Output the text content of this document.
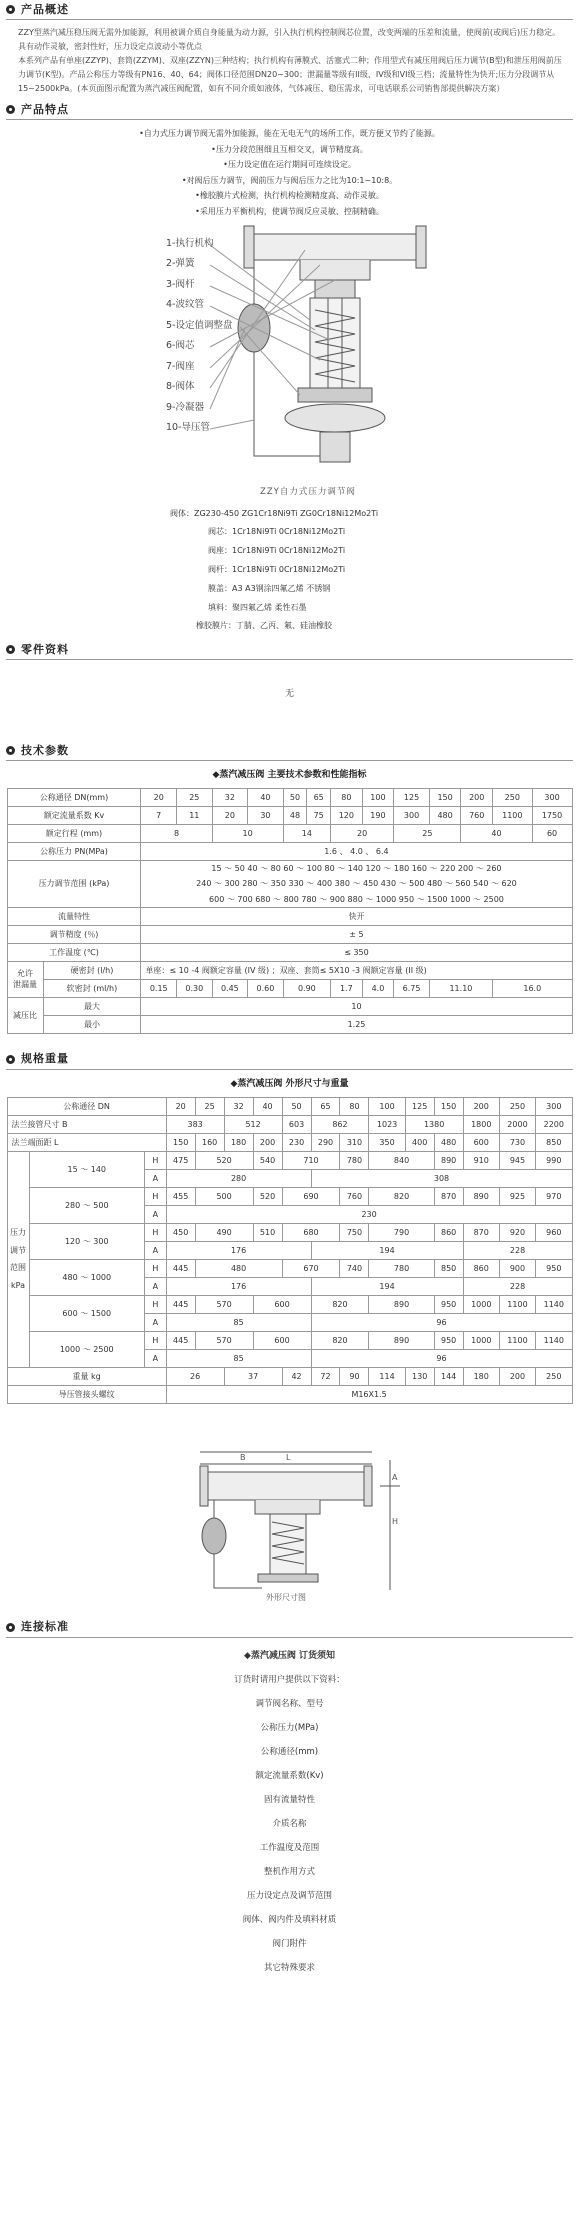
产品概述

ZZY型蒸汽减压稳压阀无需外加能源，利用被调介质自身能量为动力源，引入执行机构控制阀芯位置，改变两端的压差和流量，使阀前(或阀后)压力稳定。具有动作灵敏，密封性好，压力设定点波动小等优点

本系列产品有单座(ZZYP)、套筒(ZZYM)、双座(ZZYN)三种结构；执行机构有薄膜式、活塞式二种；作用型式有减压用阀后压力调节(B型)和泄压用阀前压力调节(K型)。产品公称压力等级有PN16、40、64；阀体口径范围DN20~300；泄漏量等级有II级、IV级和VI级三档；流量特性为快开;压力分段调节从15~2500kPa。(本页面图示配置为蒸汽减压阀配置，如有不同介质如液体，气体减压、稳压需求，可电话联系公司销售部提供解决方案）

产品特点
• 自力式压力调节阀无需外加能源，能在无电无气的场所工作，既方便又节约了能源。
• 压力分段范围细且互相交叉，调节精度高。
• 压力设定值在运行期间可连续设定。
• 对阀后压力调节，阀前压力与阀后压力之比为10:1~10:8。
• 橡胶膜片式检测，执行机构检测精度高、动作灵敏。
• 采用压力平衡机构，使调节阀反应灵敏、控制精确。
1-执行机构
2-弹簧
3-阀杆
4-波纹管
5-设定值调整盘
6-阀芯
7-阀座
8-阀体
9-冷凝器
10-导压管
ZZY自力式压力调节阀
阀体：ZG230-450 ZG1Cr18Ni9Ti ZG0Cr18Ni12Mo2Ti
阀芯：1Cr18Ni9Ti 0Cr18Ni12Mo2Ti
阀座：1Cr18Ni9Ti 0Cr18Ni12Mo2Ti
阀杆：1Cr18Ni9Ti 0Cr18Ni12Mo2Ti
膜盖：A3 A3钢涂四氟乙烯 不锈钢
填料：聚四氟乙烯 柔性石墨
橡胶膜片：丁腈、乙丙、氟、硅油橡胶
零件资料
无
技术参数
◆蒸汽减压阀 主要技术参数和性能指标
公称通径 DN(mm)		20	25	32	40	50	65	80	100	125	150	200	250	300
额定流量系数 Kv		7	11	20	30	48	75	120	190	300	480	760	1100	1750
额定行程 (mm)		8		10		14		20		25		40		60
公称压力 PN(MPa)		1.6 、 4.0 、 6.4												
压力调节范围 (kPa)		15 ～ 50 40 ～ 80 60 ～ 100 80 ～ 140 120 ～ 180 160 ～ 220 200 ～ 260
240 ～ 300 280 ～ 350 330 ～ 400 380 ～ 450 430 ～ 500 480 ～ 560 540 ～ 620
600 ～ 700 680 ～ 800 780 ～ 900 880 ～ 1000 950 ～ 1500 1000 ～ 2500												

流量特性		快开												
调节精度 (％)		± 5												
工作温度 (℃)		≤ 350												

允许
泄漏量	硬密封 (l/h)	单座：≤ 10 -4 阀额定容量 (IV 级) ；双座、套筒≤ 5X10 -3 阀额定容量 (II 级)												
	软密封 (ml/h)	0.15	0.30	0.45	0.60	0.90		1.7	4.0	6.75	11.10		16.0	
减压比	最大	10												
	最小	1.25												
规格重量
◆蒸汽减压阀 外形尺寸与重量
公称通径 DN			20	25	32	40	50	65	80	100	125	150	200	250	300
法兰接管尺寸 B			383		512		603	862		1023	1380		1800	2000	2200
法兰端面距 L			150	160	180	200	230	290	310	350	400	480	600	730	850
压力调节范围 kPa	15 ～ 140	H	475	520		540	710		780	840		890	910	945	990
		A	280					308							
	280 ～ 500	H	455	500		520	690		760	820		870	890	925	970
		A	230												
	120 ～ 300	H	450	490		510	680		750	790		860	870	920	960
		A	176					194					228		
	480 ～ 1000	H	445	480			670		740	780		850	860	900	950
		A	176					194					228		
	600 ～ 1500	H	445	570		600		820		890		950	1000	1100	1140
		A	85					96							
	1000 ～ 2500	H	445	570		600		820		890		950	1000	1100	1140
		A	85					96							
重量 kg			26		37		42	72	90	114	130	144	180	200	250
导压管接头螺纹			M16X1.5												
H
B	L
A
外形尺寸图
连接标准
◆蒸汽减压阀 订货须知
订货时请用户提供以下资料：
调节阀名称、型号
公称压力(MPa)
公称通径(mm)
额定流量系数(Kv)
固有流量特性
介质名称
工作温度及范围
整机作用方式
压力设定点及调节范围
阀体、阀内件及填料材质
阀门附件
其它特殊要求
